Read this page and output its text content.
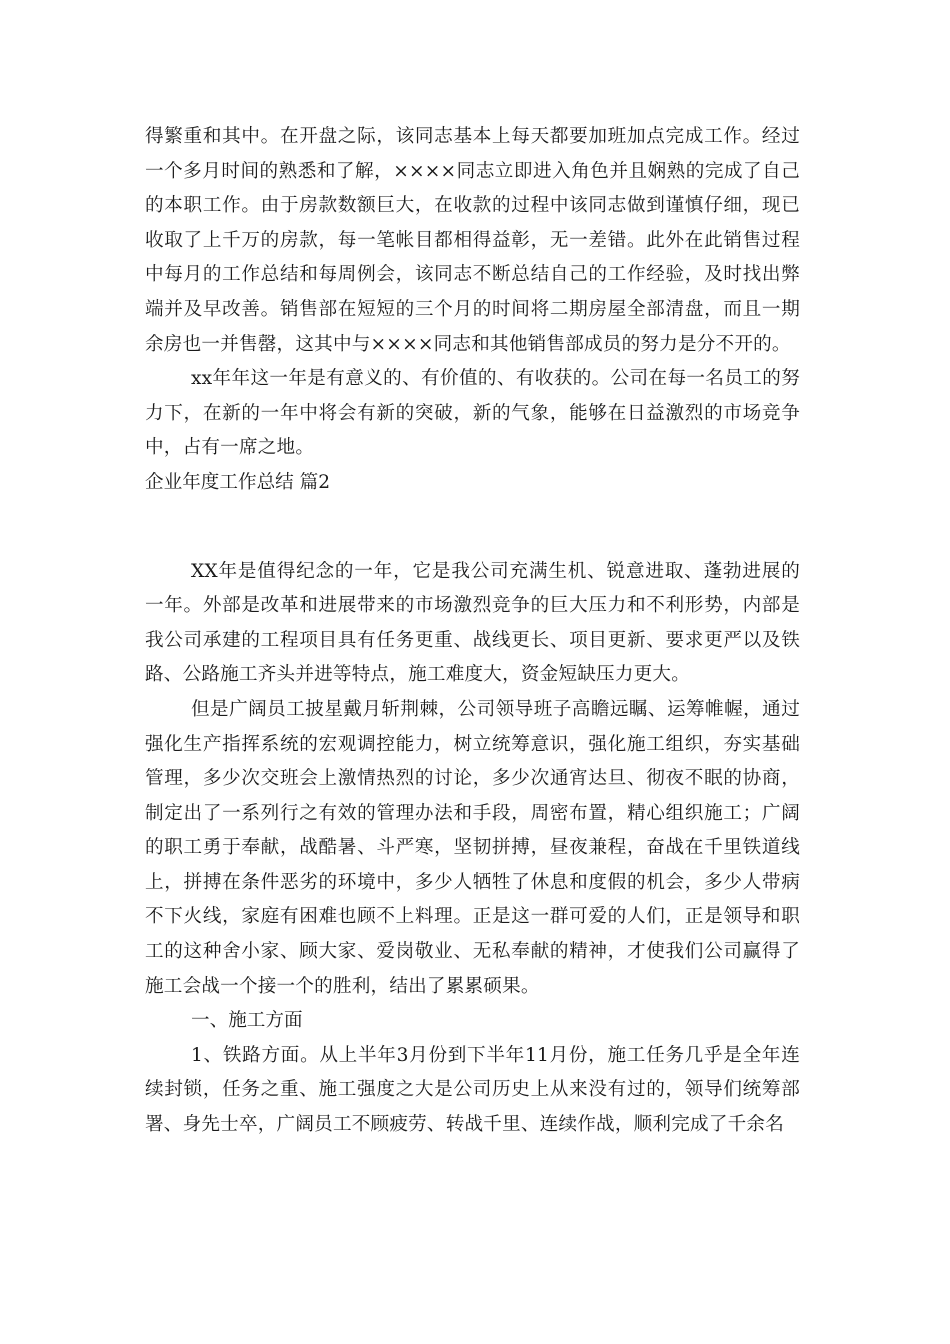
得繁重和其中。在开盘之际，该同志基本上每天都要加班加点完成工作。经过一个多月时间的熟悉和了解，××××同志立即进入角色并且娴熟的完成了自己的本职工作。由于房款数额巨大，在收款的过程中该同志做到谨慎仔细，现已收取了上千万的房款，每一笔帐目都相得益彰，无一差错。此外在此销售过程中每月的工作总结和每周例会，该同志不断总结自己的工作经验，及时找出弊端并及早改善。销售部在短短的三个月的时间将二期房屋全部清盘，而且一期余房也一并售罄，这其中与××××同志和其他销售部成员的努力是分不开的。

xx年年这一年是有意义的、有价值的、有收获的。公司在每一名员工的努力下，在新的一年中将会有新的突破，新的气象，能够在日益激烈的市场竞争中，占有一席之地。

企业年度工作总结 篇2

XX年是值得纪念的一年，它是我公司充满生机、锐意进取、蓬勃进展的一年。外部是改革和进展带来的市场激烈竞争的巨大压力和不利形势，内部是我公司承建的工程项目具有任务更重、战线更长、项目更新、要求更严以及铁路、公路施工齐头并进等特点，施工难度大，资金短缺压力更大。

但是广阔员工披星戴月斩荆棘，公司领导班子高瞻远瞩、运筹帷幄，通过强化生产指挥系统的宏观调控能力，树立统筹意识，强化施工组织，夯实基础管理，多少次交班会上激情热烈的讨论，多少次通宵达旦、彻夜不眠的协商，制定出了一系列行之有效的管理办法和手段，周密布置，精心组织施工；广阔的职工勇于奉献，战酷暑、斗严寒，坚韧拼搏，昼夜兼程，奋战在千里铁道线上，拼搏在条件恶劣的环境中，多少人牺牲了休息和度假的机会，多少人带病不下火线，家庭有困难也顾不上料理。正是这一群可爱的人们，正是领导和职工的这种舍小家、顾大家、爱岗敬业、无私奉献的精神，才使我们公司赢得了施工会战一个接一个的胜利，结出了累累硕果。

一、施工方面

1、铁路方面。从上半年3月份到下半年11月份，施工任务几乎是全年连续封锁，任务之重、施工强度之大是公司历史上从来没有过的，领导们统筹部署、身先士卒，广阔员工不顾疲劳、转战千里、连续作战，顺利完成了千余名
